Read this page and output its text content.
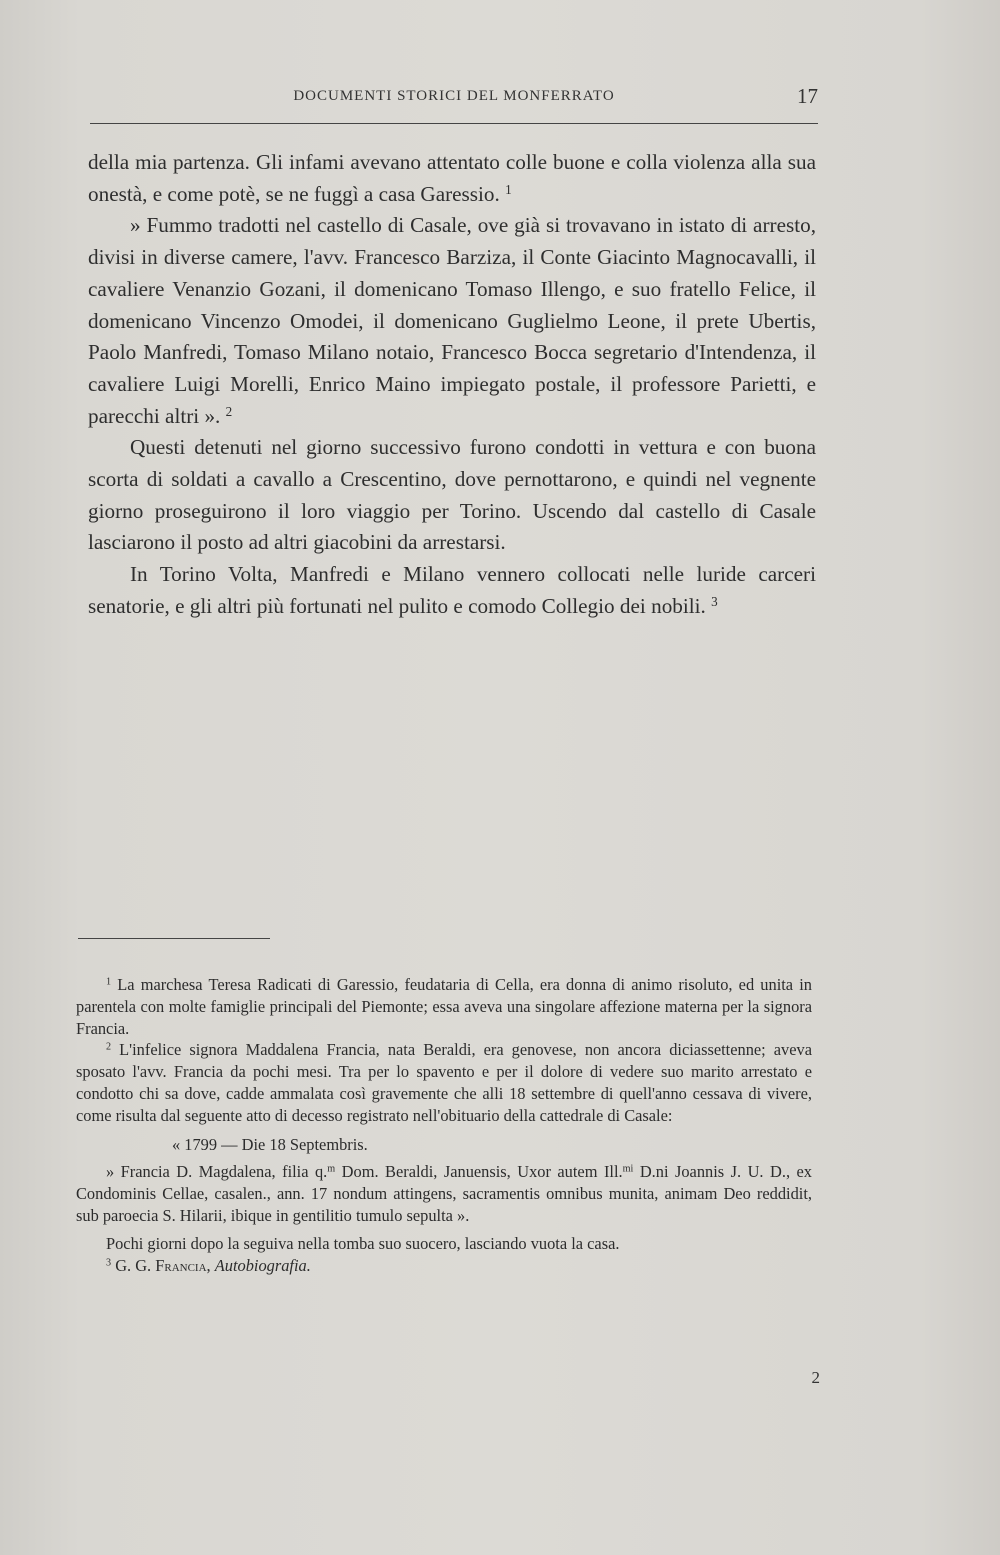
DOCUMENTI STORICI DEL MONFERRATO	17

della mia partenza. Gli infami avevano attentato colle buone e colla violenza alla sua onestà, e come potè, se ne fuggì a casa Garessio. $^1$

» Fummo tradotti nel castello di Casale, ove già si trovavano in istato di arresto, divisi in diverse camere, l'avv. Francesco Barziza, il Conte Giacinto Magnocavalli, il cavaliere Venanzio Gozani, il domenicano Tomaso Illengo, e suo fratello Felice, il domenicano Vincenzo Omodei, il domenicano Guglielmo Leone, il prete Ubertis, Paolo Manfredi, Tomaso Milano notaio, Francesco Bocca segretario d'Intendenza, il cavaliere Luigi Morelli, Enrico Maino impiegato postale, il professore Parietti, e parecchi altri ». $^2$

Questi detenuti nel giorno successivo furono condotti in vettura e con buona scorta di soldati a cavallo a Crescentino, dove pernottarono, e quindi nel vegnente giorno proseguirono il loro viaggio per Torino. Uscendo dal castello di Casale lasciarono il posto ad altri giacobini da arrestarsi.

In Torino Volta, Manfredi e Milano vennero collocati nelle luride carceri senatorie, e gli altri più fortunati nel pulito e comodo Collegio dei nobili. $^3$

$^1$ La marchesa Teresa Radicati di Garessio, feudataria di Cella, era donna di animo risoluto, ed unita in parentela con molte famiglie principali del Piemonte; essa aveva una singolare affezione materna per la signora Francia.

$^2$ L'infelice signora Maddalena Francia, nata Beraldi, era genovese, non ancora diciassettenne; aveva sposato l'avv. Francia da pochi mesi. Tra per lo spavento e per il dolore di vedere suo marito arrestato e condotto chi sa dove, cadde ammalata così gravemente che alli 18 settembre di quell'anno cessava di vivere, come risulta dal seguente atto di decesso registrato nell'obituario della cattedrale di Casale:

« 1799 — Die 18 Septembris.

» Francia D. Magdalena, filia q.$^m$ Dom. Beraldi, Januensis, Uxor autem Ill.$^{mi}$ D.ni Joannis J. U. D., ex Condominis Cellae, casalen., ann. 17 nondum attingens, sacramentis omnibus munita, animam Deo reddidit, sub paroecia S. Hilarii, ibique in gentilitio tumulo sepulta ».

Pochi giorni dopo la seguiva nella tomba suo suocero, lasciando vuota la casa.

$^3$ G. G. Francia, Autobiografia.

2
